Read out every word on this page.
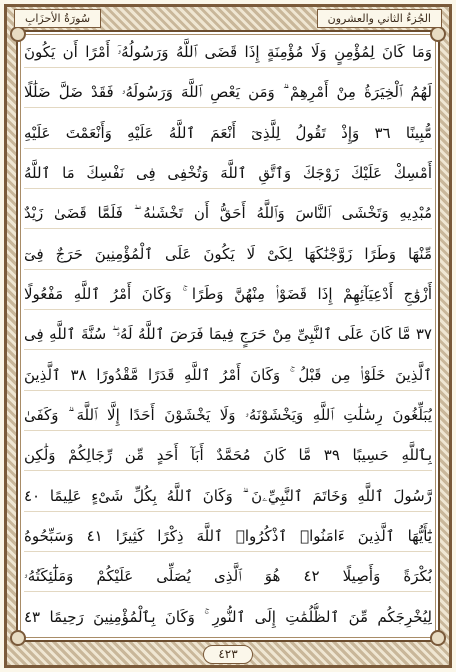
الجُزءُ الثاني والعشرون
سُورَةُ الأحزَابِ
وَمَا كَانَ لِمُؤْمِنٍ وَلَا مُؤْمِنَةٍ إِذَا قَضَى ٱللَّهُ وَرَسُولُهُۥٓ أَمْرًا أَن يَكُونَ
لَهُمُ ٱلْخِيَرَةُ مِنْ أَمْرِهِمْ ۗ وَمَن يَعْصِ ٱللَّهَ وَرَسُولَهُۥ فَقَدْ ضَلَّ ضَلَٰلًا
مُّبِينًا ٣٦ وَإِذْ تَقُولُ لِلَّذِىٓ أَنْعَمَ ٱللَّهُ عَلَيْهِ وَأَنْعَمْتَ عَلَيْهِ
أَمْسِكْ عَلَيْكَ زَوْجَكَ وَٱتَّقِ ٱللَّهَ وَتُخْفِى فِى نَفْسِكَ مَا ٱللَّهُ
مُبْدِيهِ وَتَخْشَى ٱلنَّاسَ وَٱللَّهُ أَحَقُّ أَن تَخْشَىٰهُ ۖ فَلَمَّا قَضَىٰ زَيْدٌ
مِّنْهَا وَطَرًا زَوَّجْنَٰكَهَا لِكَىْ لَا يَكُونَ عَلَى ٱلْمُؤْمِنِينَ حَرَجٌ فِىٓ
أَزْوَٰجِ أَدْعِيَآئِهِمْ إِذَا قَضَوْا۟ مِنْهُنَّ وَطَرًا ۚ وَكَانَ أَمْرُ ٱللَّهِ مَفْعُولًا
٣٧ مَّا كَانَ عَلَى ٱلنَّبِىِّ مِنْ حَرَجٍ فِيمَا فَرَضَ ٱللَّهُ لَهُۥ ۖ سُنَّةَ ٱللَّهِ فِى
ٱلَّذِينَ خَلَوْا۟ مِن قَبْلُ ۚ وَكَانَ أَمْرُ ٱللَّهِ قَدَرًا مَّقْدُورًا ٣٨ ٱلَّذِينَ
يُبَلِّغُونَ رِسَٰلَٰتِ ٱللَّهِ وَيَخْشَوْنَهُۥ وَلَا يَخْشَوْنَ أَحَدًا إِلَّا ٱللَّهَ ۗ وَكَفَىٰ
بِٱللَّهِ حَسِيبًا ٣٩ مَّا كَانَ مُحَمَّدٌ أَبَآ أَحَدٍ مِّن رِّجَالِكُمْ وَلَٰكِن
رَّسُولَ ٱللَّهِ وَخَاتَمَ ٱلنَّبِيِّۦنَ ۗ وَكَانَ ٱللَّهُ بِكُلِّ شَىْءٍ عَلِيمًا ٤٠
يَٰٓأَيُّهَا ٱلَّذِينَ ءَامَنُوا۟ ٱذْكُرُوا۟ ٱللَّهَ ذِكْرًا كَثِيرًا ٤١ وَسَبِّحُوهُ
بُكْرَةً وَأَصِيلًا ٤٢ هُوَ ٱلَّذِى يُصَلِّى عَلَيْكُمْ وَمَلَٰٓئِكَتُهُۥ
لِيُخْرِجَكُم مِّنَ ٱلظُّلُمَٰتِ إِلَى ٱلنُّورِ ۚ وَكَانَ بِٱلْمُؤْمِنِينَ رَحِيمًا ٤٣
٤٢٣
